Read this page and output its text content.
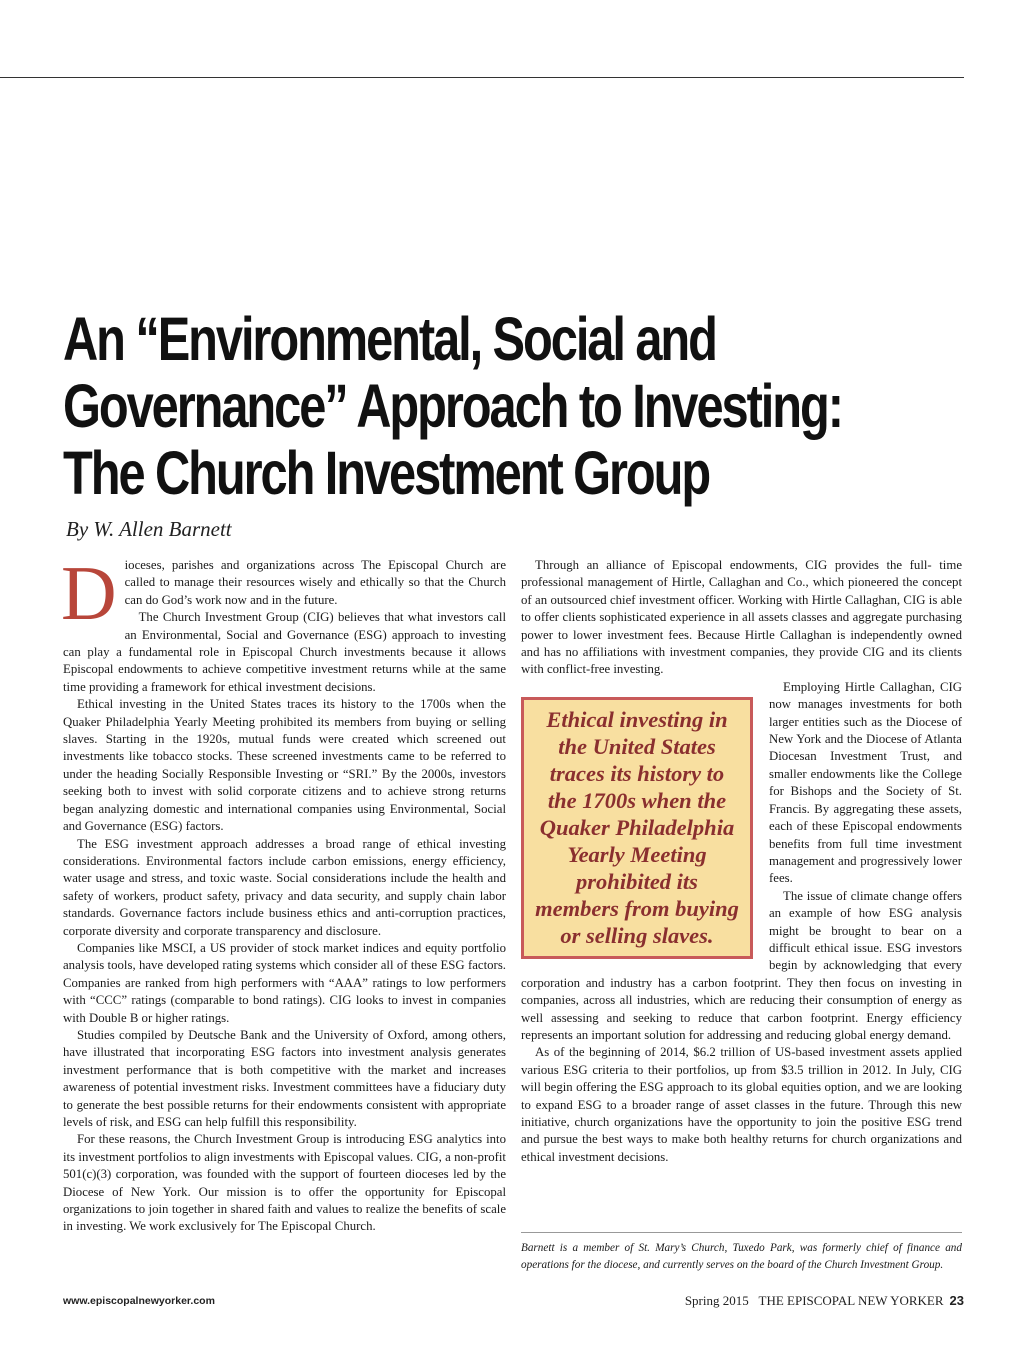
An “Environmental, Social and
Governance” Approach to Investing:
The Church Investment Group
By W. Allen Barnett

Dioceses, parishes and organizations across The Episcopal Church are called to manage their resources wisely and ethically so that the Church can do God’s work now and in the future.

The Church Investment Group (CIG) believes that what investors call an Environmental, Social and Governance (ESG) approach to investing can play a fundamental role in Episcopal Church investments because it allows Episcopal endowments to achieve competitive investment returns while at the same time providing a framework for ethical investment decisions.

Ethical investing in the United States traces its history to the 1700s when the Quaker Philadelphia Yearly Meeting prohibited its members from buying or selling slaves. Starting in the 1920s, mutual funds were created which screened out investments like tobacco stocks. These screened investments came to be referred to under the heading Socially Responsible Investing or “SRI.” By the 2000s, investors seeking both to invest with solid corporate citizens and to achieve strong returns began analyzing domestic and international companies using Environmental, Social and Governance (ESG) factors.

The ESG investment approach addresses a broad range of ethical investing considerations. Environmental factors include carbon emissions, energy efficiency, water usage and stress, and toxic waste. Social considerations include the health and safety of workers, product safety, privacy and data security, and supply chain labor standards. Governance factors include business ethics and anti-corruption practices, corporate diversity and corporate transparency and disclosure.

Companies like MSCI, a US provider of stock market indices and equity portfolio analysis tools, have developed rating systems which consider all of these ESG factors. Companies are ranked from high performers with “AAA” ratings to low performers with “CCC” ratings (comparable to bond ratings). CIG looks to invest in companies with Double B or higher ratings.

Studies compiled by Deutsche Bank and the University of Oxford, among others, have illustrated that incorporating ESG factors into investment analysis generates investment performance that is both competitive with the market and increases awareness of potential investment risks. Investment committees have a fiduciary duty to generate the best possible returns for their endowments consistent with appropriate levels of risk, and ESG can help fulfill this responsibility.

For these reasons, the Church Investment Group is introducing ESG analytics into its investment portfolios to align investments with Episcopal values. CIG, a non-profit 501(c)(3) corporation, was founded with the support of fourteen dioceses led by the Diocese of New York. Our mission is to offer the opportunity for Episcopal organizations to join together in shared faith and values to realize the benefits of scale in investing. We work exclusively for The Episcopal Church.

Through an alliance of Episcopal endowments, CIG provides the full- time professional management of Hirtle, Callaghan and Co., which pioneered the concept of an outsourced chief investment officer. Working with Hirtle Callaghan, CIG is able to offer clients sophisticated experience in all assets classes and aggregate purchasing power to lower investment fees. Because Hirtle Callaghan is independently owned and has no affiliations with investment companies, they provide CIG and its clients with conflict-free investing.

Ethical investing in the United States traces its history to the 1700s when the Quaker Philadelphia Yearly Meeting prohibited its members from buying or selling slaves.

Employing Hirtle Callaghan, CIG now manages investments for both larger entities such as the Diocese of New York and the Diocese of Atlanta Diocesan Investment Trust, and smaller endowments like the College for Bishops and the Society of St. Francis. By aggregating these assets, each of these Episcopal endowments benefits from full time investment management and progressively lower fees.

The issue of climate change offers an example of how ESG analysis might be brought to bear on a difficult ethical issue. ESG investors begin by acknowledging that every corporation and industry has a carbon footprint. They then focus on investing in companies, across all industries, which are reducing their consumption of energy as well assessing and seeking to reduce that carbon footprint. Energy efficiency represents an important solution for addressing and reducing global energy demand.

As of the beginning of 2014, $6.2 trillion of US-based investment assets applied various ESG criteria to their portfolios, up from $3.5 trillion in 2012. In July, CIG will begin offering the ESG approach to its global equities option, and we are looking to expand ESG to a broader range of asset classes in the future. Through this new initiative, church organizations have the opportunity to join the positive ESG trend and pursue the best ways to make both healthy returns for church organizations and ethical investment decisions.

Barnett is a member of St. Mary’s Church, Tuxedo Park, was formerly chief of finance and operations for the diocese, and currently serves on the board of the Church Investment Group.

www.episcopalnewyorker.com	Spring 2015 THE EPISCOPAL NEW YORKER 23
